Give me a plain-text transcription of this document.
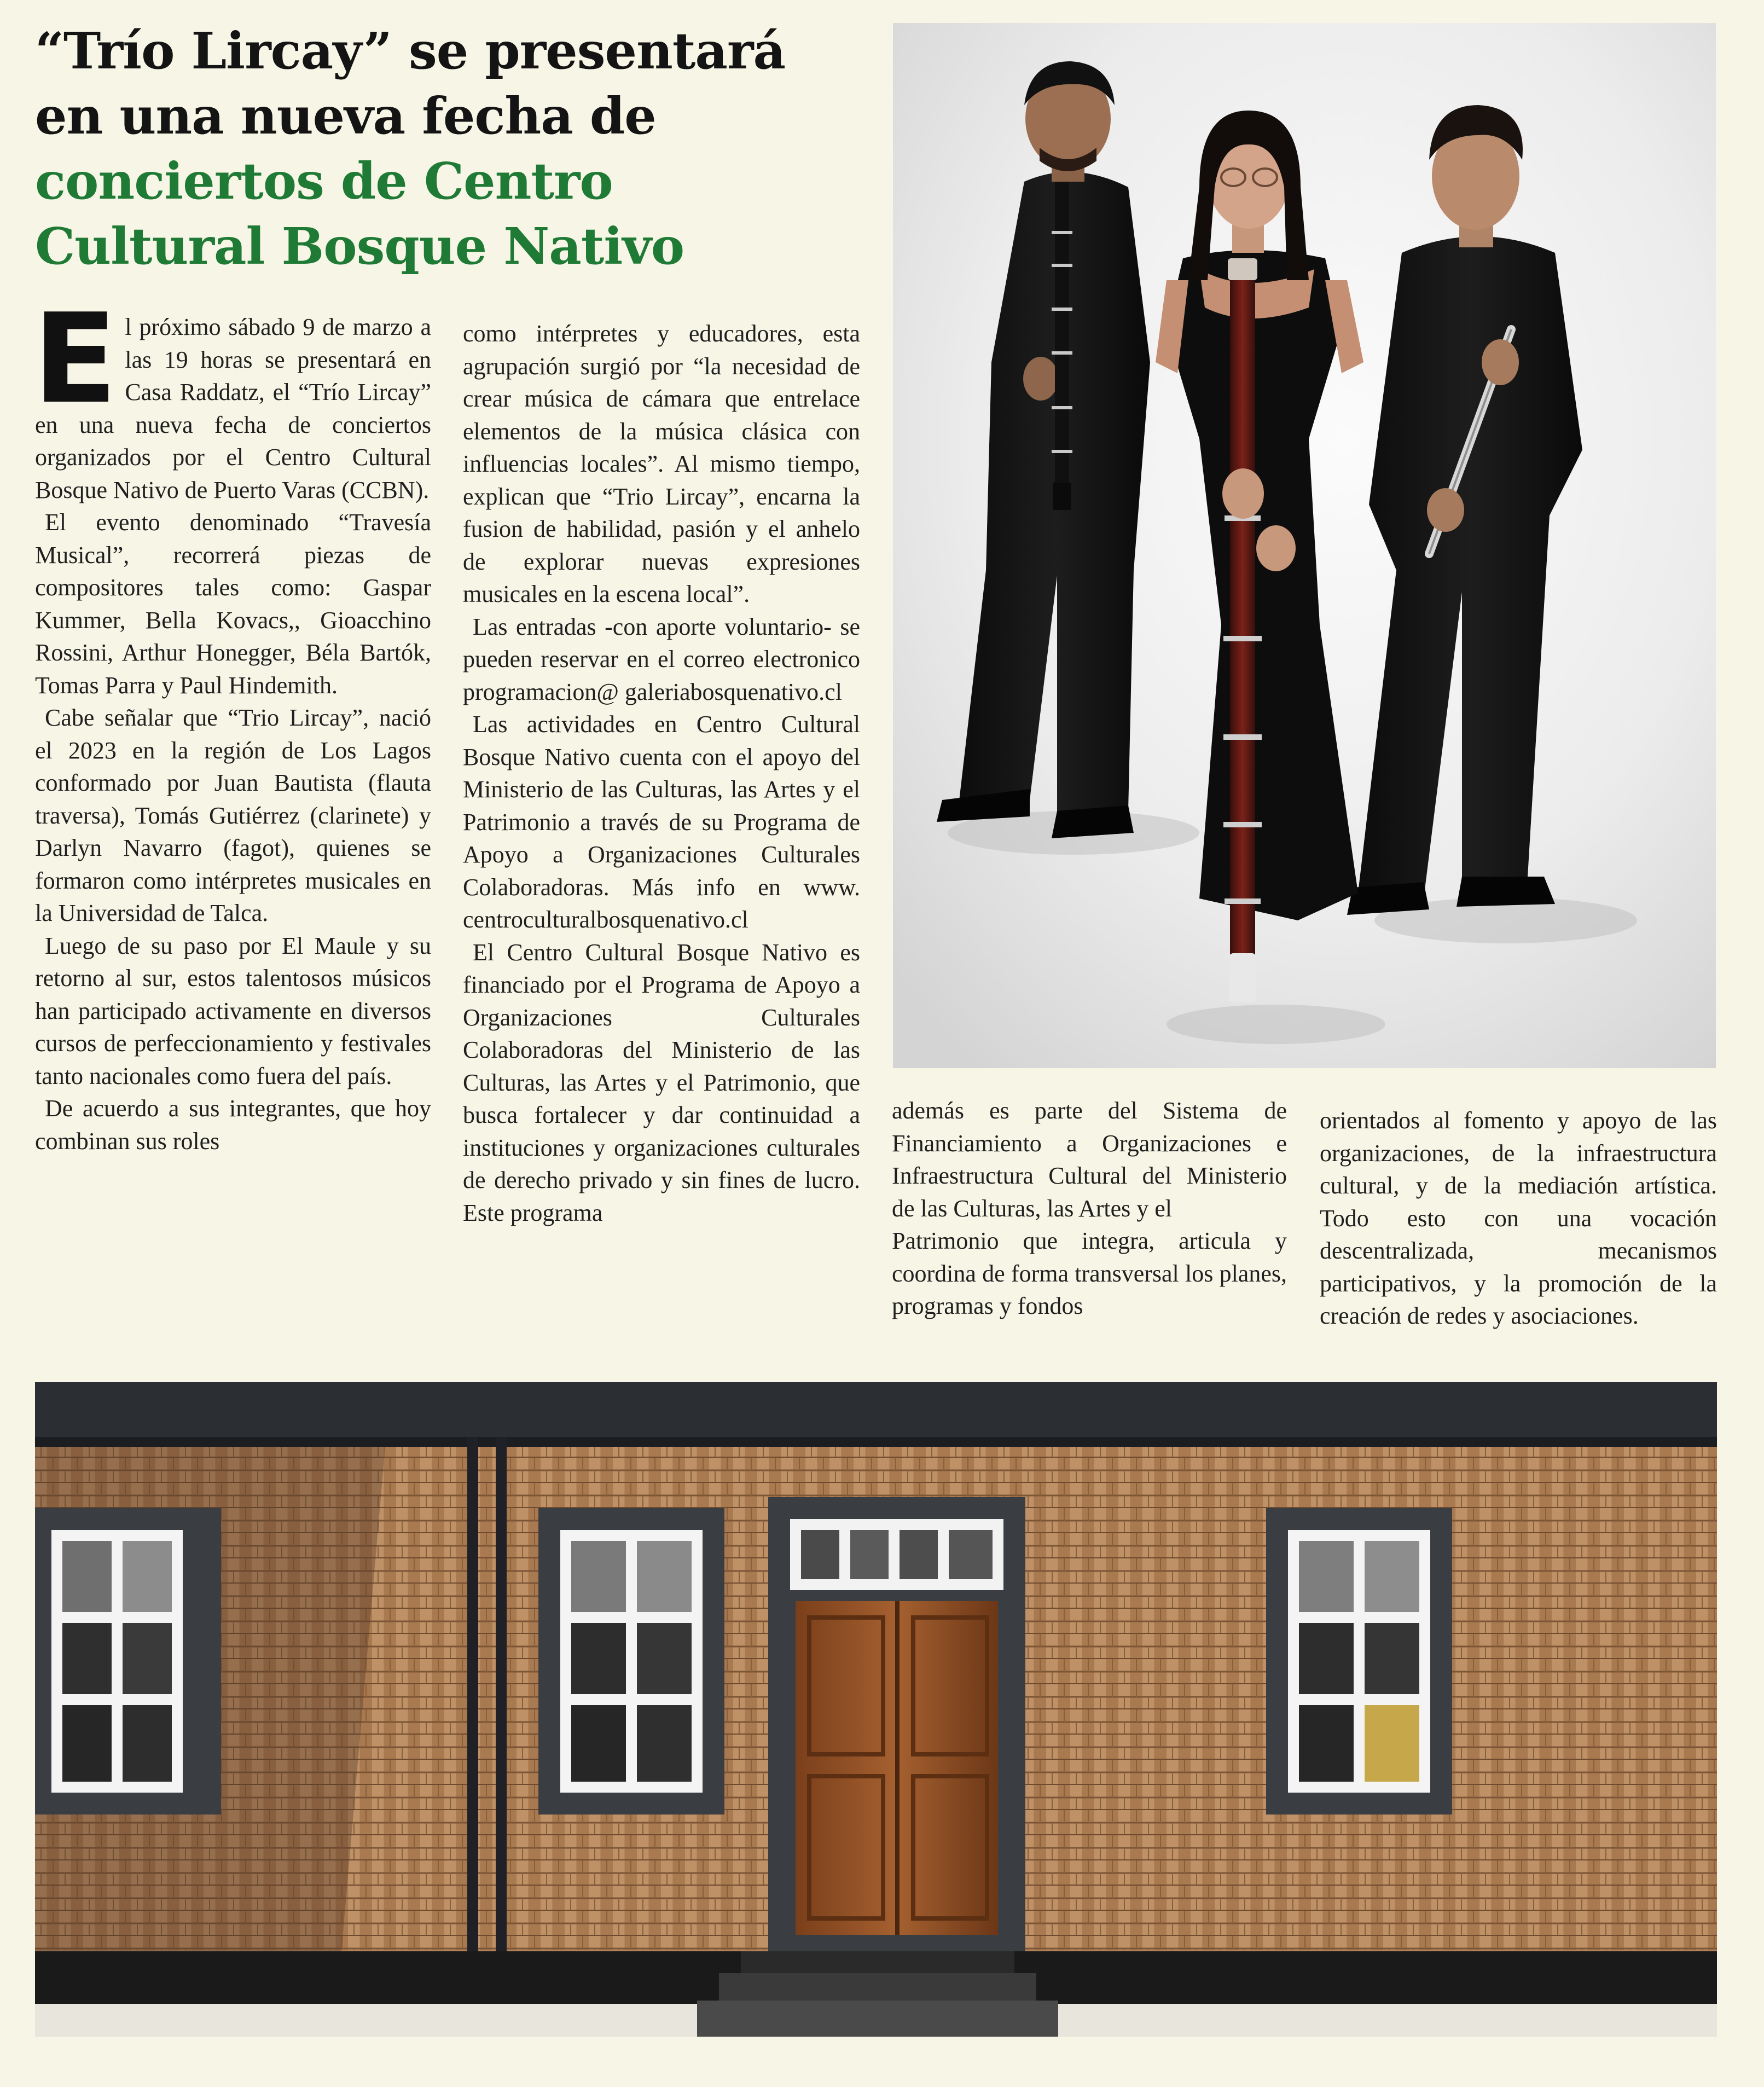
“Trío Lircay” se presentará
en una nueva fecha de
conciertos de Centro
Cultural Bosque Nativo

El próximo sábado 9 de marzo a las 19 horas se presentará en Casa Raddatz, el “Trío Lircay” en una nueva fecha de conciertos organizados por el Centro Cultural Bosque Nativo de Puerto Varas (CCBN).

El evento denominado “Travesía Musical”, recorrerá piezas de compositores tales como: Gaspar Kummer, Bella Kovacs,, Gioacchino Rossini, Arthur Honegger, Béla Bartók, Tomas Parra y Paul Hindemith.

Cabe señalar que “Trio Lircay”, nació el 2023 en la región de Los Lagos conformado por Juan Bautista (flauta traversa), Tomás Gutiérrez (clarinete) y Darlyn Navarro (fagot), quienes se formaron como intérpretes musicales en la Universidad de Talca.

Luego de su paso por El Maule y su retorno al sur, estos talentosos músicos han participado activamente en diversos cursos de perfeccionamiento y festivales tanto nacionales como fuera del país.

De acuerdo a sus integrantes, que hoy combinan sus roles

como intérpretes y educadores, esta agrupación surgió por “la necesidad de crear música de cámara que entrelace elementos de la música clásica con influencias locales”. Al mismo tiempo, explican que “Trio Lircay”, encarna la fusion de habilidad, pasión y el anhelo de explorar nuevas expresiones musicales en la escena local”.

Las entradas -con aporte voluntario- se pueden reservar en el correo electronico programacion@ galeriabosquenativo.cl

Las actividades en Centro Cultural Bosque Nativo cuenta con el apoyo del Ministerio de las Culturas, las Artes y el Patrimonio a través de su Programa de Apoyo a Organizaciones Culturales Colaboradoras. Más info en www. centroculturalbosquenativo.cl

El Centro Cultural Bosque Nativo es financiado por el Programa de Apoyo a Organizaciones Culturales Colaboradoras del Ministerio de las Culturas, las Artes y el Patrimonio, que busca fortalecer y dar continuidad a instituciones y organizaciones culturales de derecho privado y sin fines de lucro. Este programa

además es parte del Sistema de Financiamiento a Organizaciones e Infraestructura Cultural del Ministerio de las Culturas, las Artes y el

Patrimonio que integra, articula y coordina de forma transversal los planes, programas y fondos

orientados al fomento y apoyo de las organizaciones, de la infraestructura cultural, y de la mediación artística. Todo esto con una vocación descentralizada, mecanismos participativos, y la promoción de la creación de redes y asociaciones.
